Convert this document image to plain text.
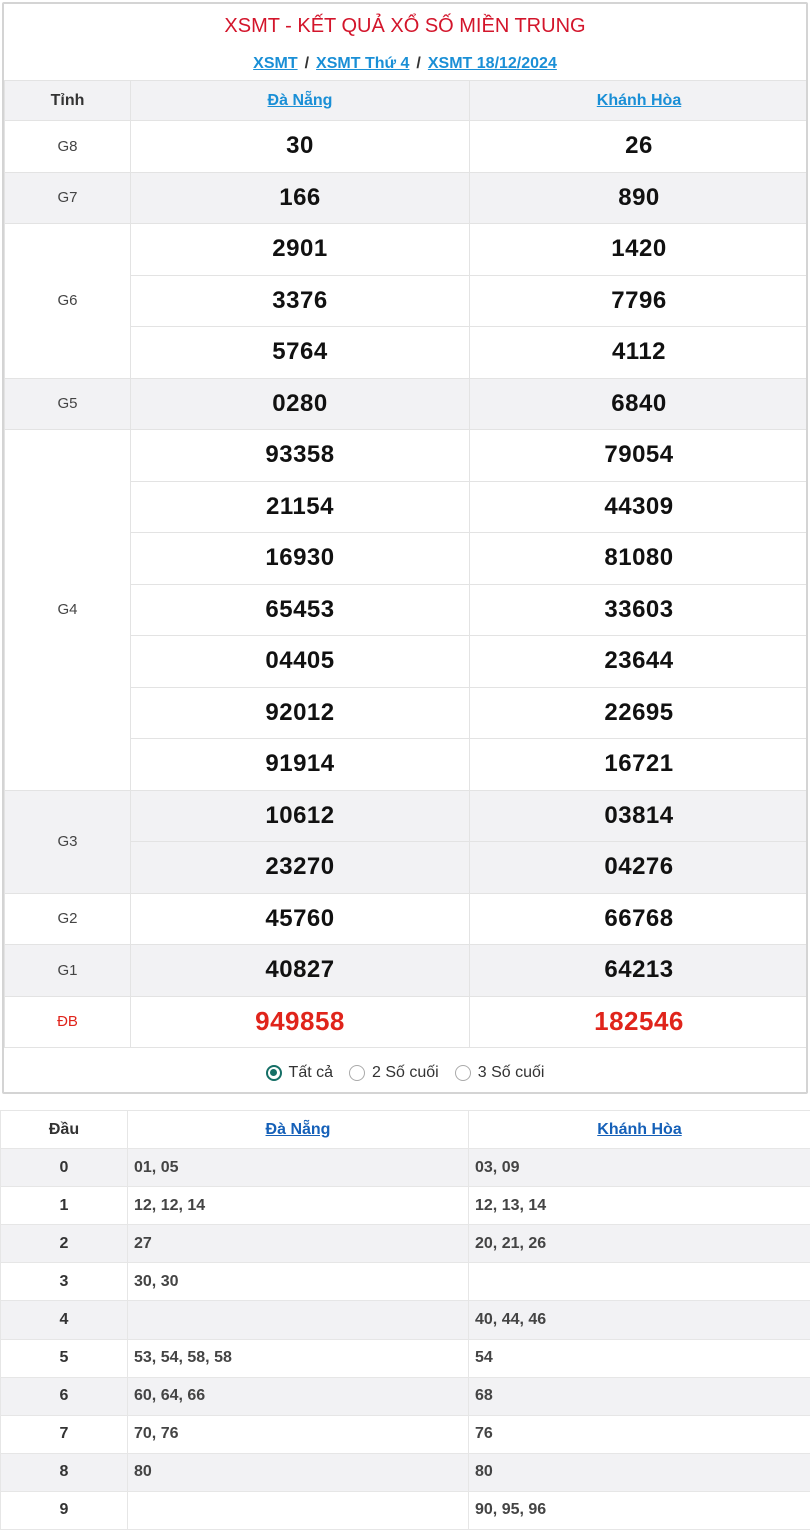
XSMT - KẾT QUẢ XỔ SỐ MIỀN TRUNG
XSMT / XSMT Thứ 4 / XSMT 18/12/2024
Tỉnh	Đà Nẵng	Khánh Hòa
G8	30	26
G7	166	890
G6	2901	1420
	3376	7796
	5764	4112
G5	0280	6840
G4	93358	79054
	21154	44309
	16930	81080
	65453	33603
	04405	23644
	92012	22695
	91914	16721
G3	10612	03814
	23270	04276
G2	45760	66768
G1	40827	64213
ĐB	949858	182546
Tất cả 2 Số cuối 3 Số cuối
Đầu	Đà Nẵng	Khánh Hòa
0	01, 05	03, 09
1	12, 12, 14	12, 13, 14
2	27	20, 21, 26
3	30, 30	
4		40, 44, 46
5	53, 54, 58, 58	54
6	60, 64, 66	68
7	70, 76	76
8	80	80
9		90, 95, 96
